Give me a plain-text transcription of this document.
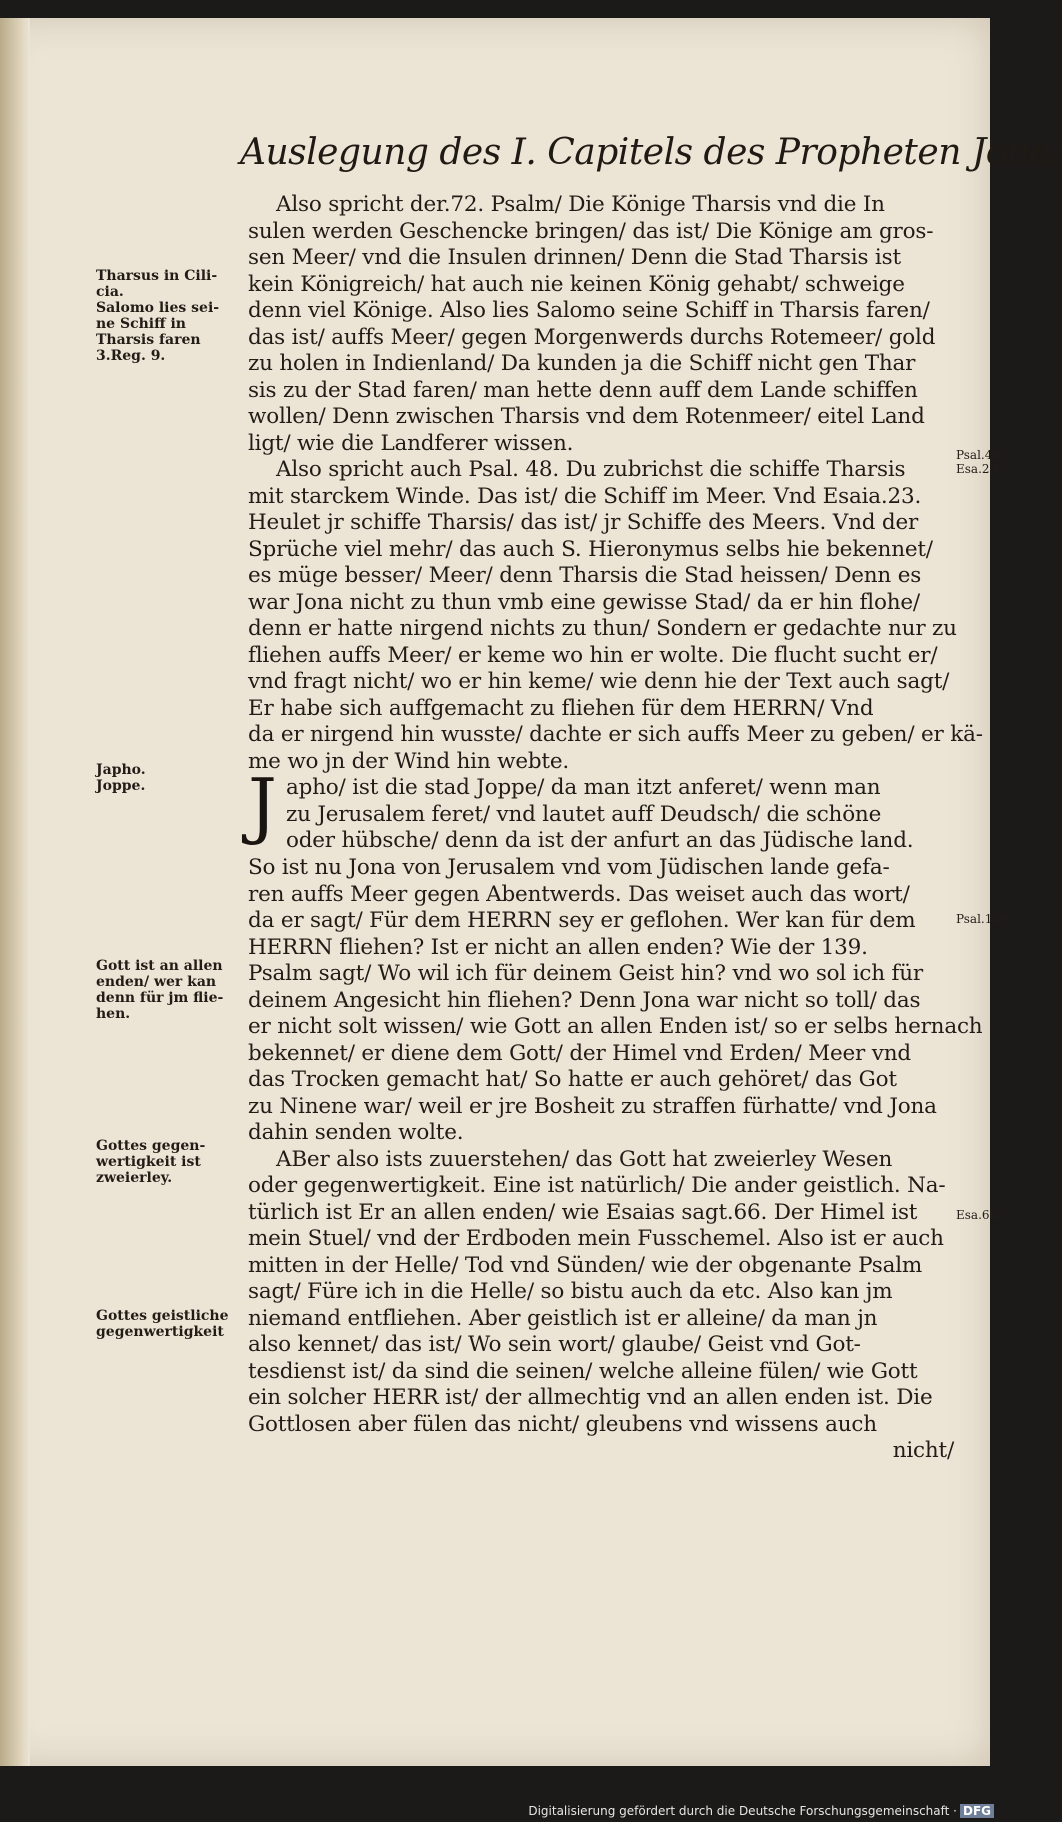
Auslegung des I. Capitels des Propheten Jona/

Also spricht der.72. Psalm/ Die Könige Tharsis vnd die In

sulen werden Geschencke bringen/ das ist/ Die Könige am gros-

sen Meer/ vnd die Insulen drinnen/ Denn die Stad Tharsis ist

kein Königreich/ hat auch nie keinen König gehabt/ schweige

denn viel Könige. Also lies Salomo seine Schiff in Tharsis faren/

das ist/ auffs Meer/ gegen Morgenwerds durchs Rotemeer/ gold

zu holen in Indienland/ Da kunden ja die Schiff nicht gen Thar

sis zu der Stad faren/ man hette denn auff dem Lande schiffen

wollen/ Denn zwischen Tharsis vnd dem Rotenmeer/ eitel Land

ligt/ wie die Landferer wissen.

Also spricht auch Psal. 48. Du zubrichst die schiffe Tharsis

mit starckem Winde. Das ist/ die Schiff im Meer. Vnd Esaia.23.

Heulet jr schiffe Tharsis/ das ist/ jr Schiffe des Meers. Vnd der

Sprüche viel mehr/ das auch S. Hieronymus selbs hie bekennet/

es müge besser/ Meer/ denn Tharsis die Stad heissen/ Denn es

war Jona nicht zu thun vmb eine gewisse Stad/ da er hin flohe/

denn er hatte nirgend nichts zu thun/ Sondern er gedachte nur zu

fliehen auffs Meer/ er keme wo hin er wolte. Die flucht sucht er/

vnd fragt nicht/ wo er hin keme/ wie denn hie der Text auch sagt/

Er habe sich auffgemacht zu fliehen für dem HERRN/ Vnd

da er nirgend hin wusste/ dachte er sich auffs Meer zu geben/ er kä-

me wo jn der Wind hin webte.

J apho/ ist die stad Joppe/ da man itzt anferet/ wenn man

zu Jerusalem feret/ vnd lautet auff Deudsch/ die schöne

oder hübsche/ denn da ist der anfurt an das Jüdische land.

So ist nu Jona von Jerusalem vnd vom Jüdischen lande gefa-

ren auffs Meer gegen Abentwerds. Das weiset auch das wort/

da er sagt/ Für dem HERRN sey er geflohen. Wer kan für dem

HERRN fliehen? Ist er nicht an allen enden? Wie der 139.

Psalm sagt/ Wo wil ich für deinem Geist hin? vnd wo sol ich für

deinem Angesicht hin fliehen? Denn Jona war nicht so toll/ das

er nicht solt wissen/ wie Gott an allen Enden ist/ so er selbs hernach

bekennet/ er diene dem Gott/ der Himel vnd Erden/ Meer vnd

das Trocken gemacht hat/ So hatte er auch gehöret/ das Got

zu Ninene war/ weil er jre Bosheit zu straffen fürhatte/ vnd Jona

dahin senden wolte.

ABer also ists zuuerstehen/ das Gott hat zweierley Wesen

oder gegenwertigkeit. Eine ist natürlich/ Die ander geistlich. Na-

türlich ist Er an allen enden/ wie Esaias sagt.66. Der Himel ist

mein Stuel/ vnd der Erdboden mein Fusschemel. Also ist er auch

mitten in der Helle/ Tod vnd Sünden/ wie der obgenante Psalm

sagt/ Füre ich in die Helle/ so bistu auch da etc. Also kan jm

niemand entfliehen. Aber geistlich ist er alleine/ da man jn

also kennet/ das ist/ Wo sein wort/ glaube/ Geist vnd Got-

tesdienst ist/ da sind die seinen/ welche alleine fülen/ wie Gott

ein solcher HERR ist/ der allmechtig vnd an allen enden ist. Die

Gottlosen aber fülen das nicht/ gleubens vnd wissens auch

nicht/

Tharsus in Cili-

cia.

Salomo lies sei-

ne Schiff in

Tharsis faren

3.Reg. 9.

Japho.

Joppe.

Gott ist an allen

enden/ wer kan

denn für jm flie-

hen.

Gottes gegen-

wertigkeit ist

zweierley.

Gottes geistliche

gegenwertigkeit

Psal.48.

Esa.23.

Psal.139.

Esa.66.

Digitalisierung gefördert durch die Deutsche Forschungsgemeinschaft · DFG
